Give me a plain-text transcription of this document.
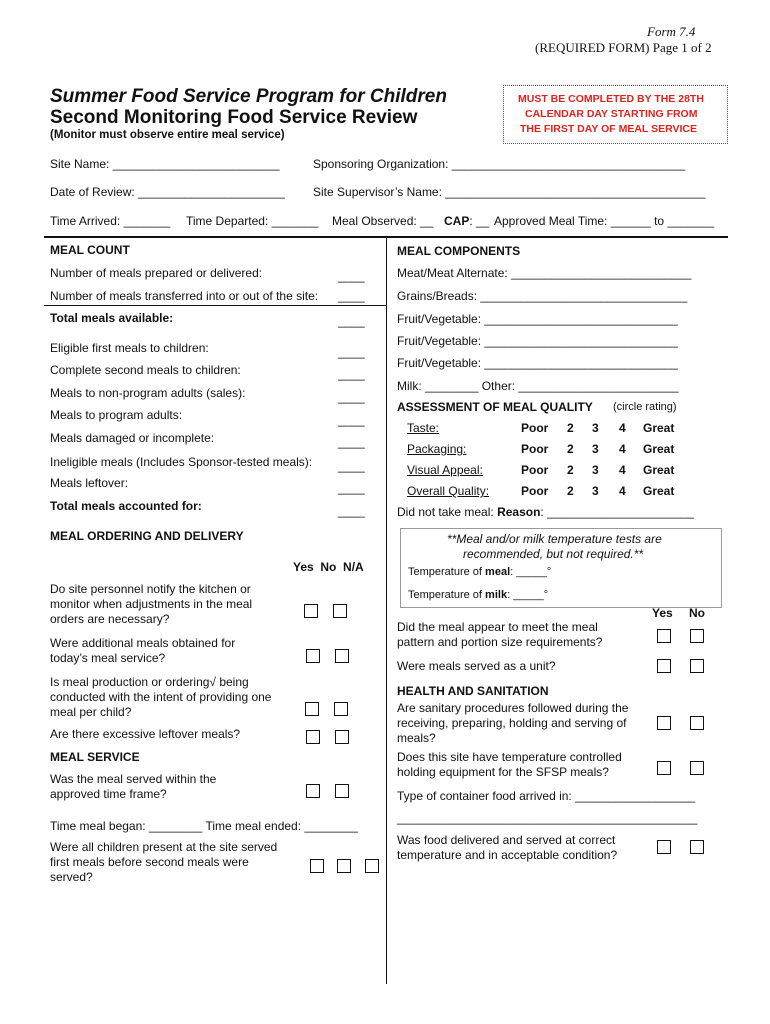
Form 7.4
(REQUIRED FORM) Page 1 of 2
Summer Food Service Program for Children
Second Monitoring Food Service Review
(Monitor must observe entire meal service)
MUST BE COMPLETED BY THE 28TH
CALENDAR DAY STARTING FROM
THE FIRST DAY OF MEAL SERVICE
Site Name: _________________________	Sponsoring Organization: ___________________________________
Date of Review: ______________________ Site Supervisor’s Name: _______________________________________
Time Arrived: _______ Time Departed: _______ Meal Observed: __ CAP: __ Approved Meal Time: ______ to _______
MEAL COUNT
Number of meals prepared or delivered:	____
Number of meals transferred into or out of the site: ____
Total meals available:	____
Eligible first meals to children:	____
Complete second meals to children:	____
Meals to non-program adults (sales):	____
Meals to program adults:	____
Meals damaged or incomplete:	____
Ineligible meals (Includes Sponsor-tested meals): ____
Meals leftover:	____
Total meals accounted for:	____
MEAL ORDERING AND DELIVERY
Yes  No  N/A
Do site personnel notify the kitchen or monitor when adjustments in the meal orders are necessary?
Were additional meals obtained for today’s meal service?
Is meal production or ordering√ being conducted with the intent of providing one meal per child?
Are there excessive leftover meals?
MEAL SERVICE
Was the meal served within the approved time frame?
Time meal began: ________ Time meal ended: ________
Were all children present at the site served first meals before second meals were served?
MEAL COMPONENTS
Meat/Meat Alternate: ___________________________
Grains/Breads: _______________________________
Fruit/Vegetable: _____________________________
Fruit/Vegetable: _____________________________
Fruit/Vegetable: _____________________________
Milk: ________ Other: ________________________
ASSESSMENT OF MEAL QUALITY (circle rating)
Taste:	Poor 2 3 4 Great
Packaging:	Poor 2 3 4 Great
Visual Appeal:	Poor 2 3 4 Great
Overall Quality:	Poor 2 3 4 Great
Did not take meal: Reason: ______________________
**Meal and/or milk temperature tests are
recommended, but not required.**
Temperature of meal: _____°
Temperature of milk: _____°
Yes No
Did the meal appear to meet the meal pattern and portion size requirements?
Were meals served as a unit?
HEALTH AND SANITATION
Are sanitary procedures followed during the receiving, preparing, holding and serving of meals?
Does this site have temperature controlled holding equipment for the SFSP meals?
Type of container food arrived in: __________________
_____________________________________________
Was food delivered and served at correct temperature and in acceptable condition?
